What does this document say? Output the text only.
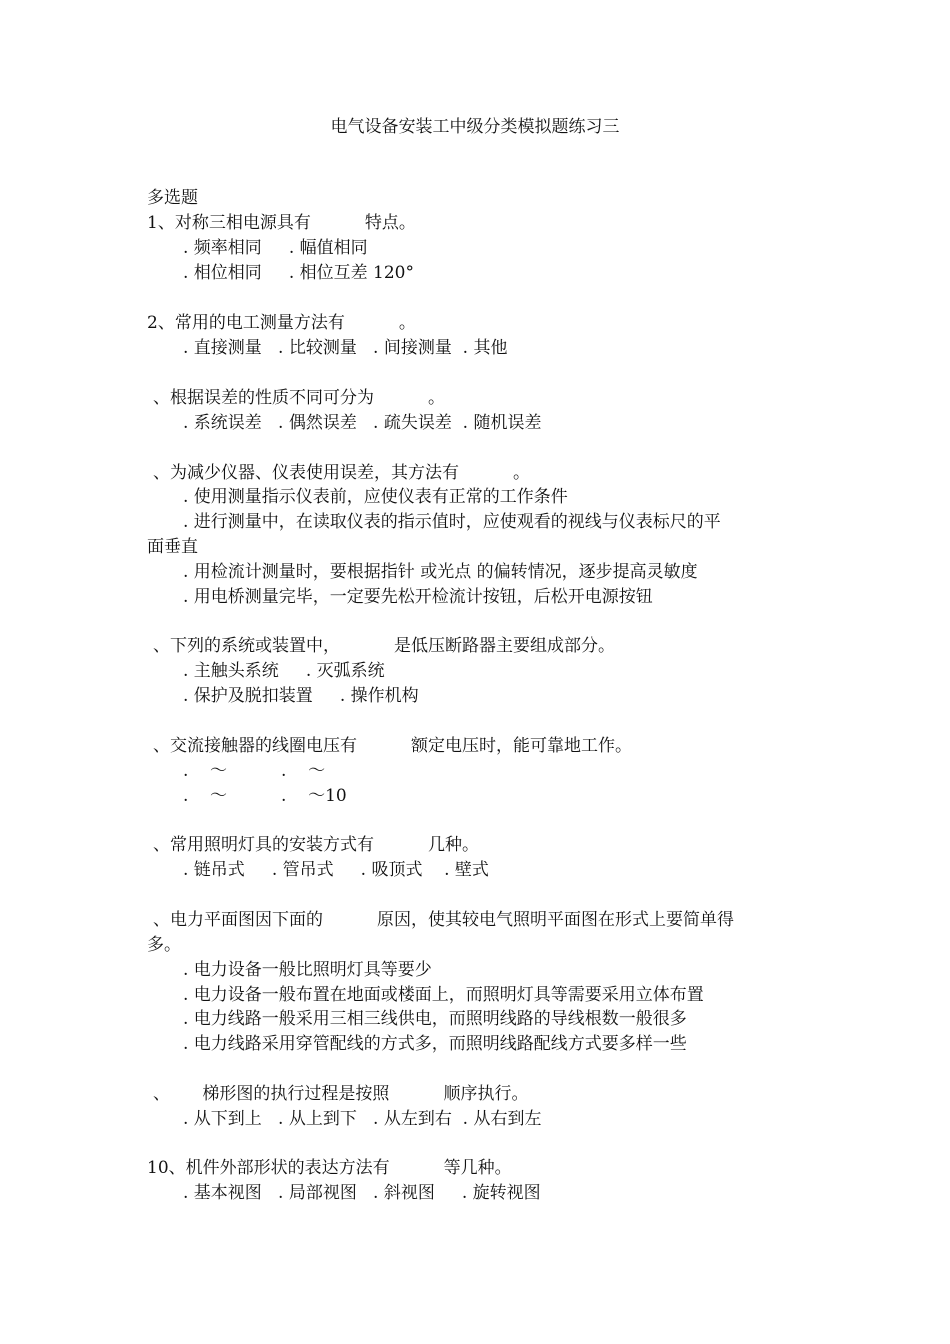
电气设备安装工中级分类模拟题练习三
多选题
1、对称三相电源具有          特点。
. 频率相同     . 幅值相同
. 相位相同     . 相位互差 120°
2、常用的电工测量方法有          。
. 直接测量   . 比较测量   . 间接测量  . 其他
、根据误差的性质不同可分为          。
. 系统误差   . 偶然误差   . 疏失误差  . 随机误差
、为减少仪器、仪表使用误差，其方法有          。
. 使用测量指示仪表前，应使仪表有正常的工作条件
. 进行测量中，在读取仪表的指示值时，应使观看的视线与仪表标尺的平
面垂直
. 用检流计测量时，要根据指针 或光点 的偏转情况，逐步提高灵敏度
. 用电桥测量完毕，一定要先松开检流计按钮，后松开电源按钮
、下列的系统或装置中，          是低压断路器主要组成部分。
. 主触头系统     . 灭弧系统
. 保护及脱扣装置     . 操作机构
、交流接触器的线圈电压有          额定电压时，能可靠地工作。
.    ～          .    ～
.    ～          .    ～10
、常用照明灯具的安装方式有          几种。
. 链吊式     . 管吊式     . 吸顶式    . 壁式
、电力平面图因下面的          原因，使其较电气照明平面图在形式上要简单得
多。
. 电力设备一般比照明灯具等要少
. 电力设备一般布置在地面或楼面上，而照明灯具等需要采用立体布置
. 电力线路一般采用三相三线供电，而照明线路的导线根数一般很多
. 电力线路采用穿管配线的方式多，而照明线路配线方式要多样一些
、      梯形图的执行过程是按照          顺序执行。
. 从下到上   . 从上到下   . 从左到右  . 从右到左
10、机件外部形状的表达方法有          等几种。
. 基本视图   . 局部视图   . 斜视图     . 旋转视图
